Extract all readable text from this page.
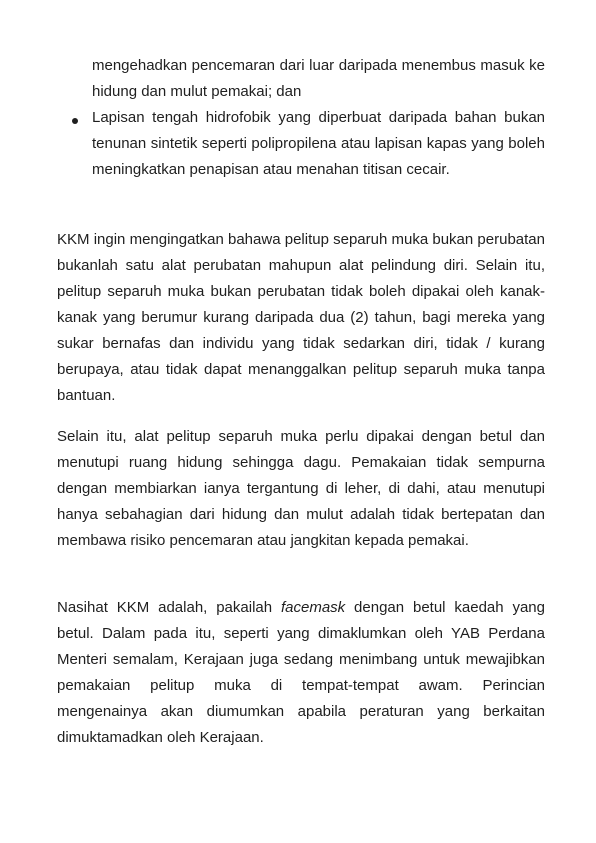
mengehadkan pencemaran dari luar daripada menembus masuk ke hidung dan mulut pemakai; dan

Lapisan tengah hidrofobik yang diperbuat daripada bahan bukan tenunan sintetik seperti polipropilena atau lapisan kapas yang boleh meningkatkan penapisan atau menahan titisan cecair.

KKM ingin mengingatkan bahawa pelitup separuh muka bukan perubatan bukanlah satu alat perubatan mahupun alat pelindung diri. Selain itu, pelitup separuh muka bukan perubatan tidak boleh dipakai oleh kanak-kanak yang berumur kurang daripada dua (2) tahun, bagi mereka yang sukar bernafas dan individu yang tidak sedarkan diri, tidak / kurang berupaya, atau tidak dapat menanggalkan pelitup separuh muka tanpa bantuan.

Selain itu, alat pelitup separuh muka perlu dipakai dengan betul dan menutupi ruang hidung sehingga dagu. Pemakaian tidak sempurna dengan membiarkan ianya tergantung di leher, di dahi, atau menutupi hanya sebahagian dari hidung dan mulut adalah tidak bertepatan dan membawa risiko pencemaran atau jangkitan kepada pemakai.

Nasihat KKM adalah, pakailah facemask dengan betul kaedah yang betul. Dalam pada itu, seperti yang dimaklumkan oleh YAB Perdana Menteri semalam, Kerajaan juga sedang menimbang untuk mewajibkan pemakaian pelitup muka di tempat-tempat awam. Perincian mengenainya akan diumumkan apabila peraturan yang berkaitan dimuktamadkan oleh Kerajaan.
